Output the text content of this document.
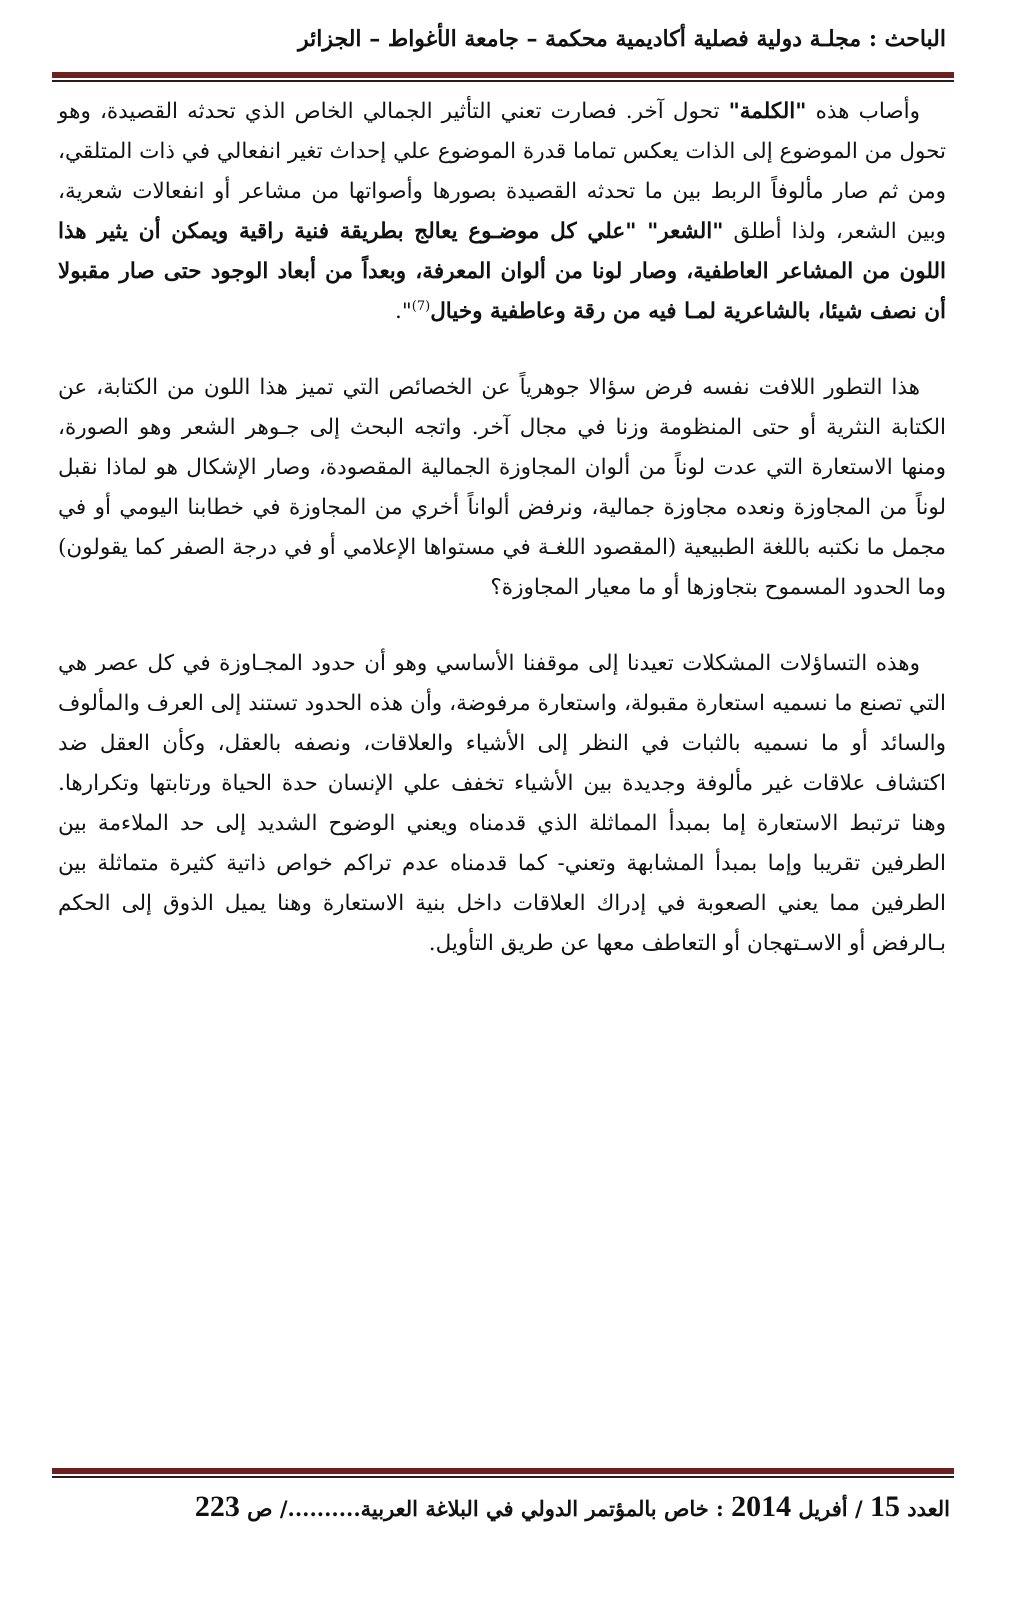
الباحث : مجلـة دولية فصلية أكاديمية محكمة – جامعة الأغواط – الجزائر

وأصاب هذه "الكلمة" تحول آخر. فصارت تعني التأثير الجمالي الخاص الذي تحدثه القصيدة، وهو تحول من الموضوع إلى الذات يعكس تماما قدرة الموضوع علي إحداث تغير انفعالي في ذات المتلقي، ومن ثم صار مألوفاً الربط بين ما تحدثه القصيدة بصورها وأصواتها من مشاعر أو انفعالات شعرية، وبين الشعر، ولذا أطلق "الشعر" "علي كل موضـوع يعالج بطريقة فنية راقية ويمكن أن يثير هذا اللون من المشاعر العاطفية، وصار لونا من ألوان المعرفة، وبعداً من أبعاد الوجود حتى صار مقبولا أن نصف شيئا، بالشاعرية لمـا فيه من رقة وعاطفية وخيال$^{(7)}$".

هذا التطور اللافت نفسه فرض سؤالا جوهرياً عن الخصائص التي تميز هذا اللون من الكتابة، عن الكتابة النثرية أو حتى المنظومة وزنا في مجال آخر. واتجه البحث إلى جـوهر الشعر وهو الصورة، ومنها الاستعارة التي عدت لوناً من ألوان المجاوزة الجمالية المقصودة، وصار الإشكال هو لماذا نقبل لوناً من المجاوزة ونعده مجاوزة جمالية، ونرفض ألواناً أخري من المجاوزة في خطابنا اليومي أو في مجمل ما نكتبه باللغة الطبيعية (المقصود اللغـة في مستواها الإعلامي أو في درجة الصفر كما يقولون) وما الحدود المسموح بتجاوزها أو ما معيار المجاوزة؟

وهذه التساؤلات المشكلات تعيدنا إلى موقفنا الأساسي وهو أن حدود المجـاوزة في كل عصر هي التي تصنع ما نسميه استعارة مقبولة، واستعارة مرفوضة، وأن هذه الحدود تستند إلى العرف والمألوف والسائد أو ما نسميه بالثبات في النظر إلى الأشياء والعلاقات، ونصفه بالعقل، وكأن العقل ضد اكتشاف علاقات غير مألوفة وجديدة بين الأشياء تخفف علي الإنسان حدة الحياة ورتابتها وتكرارها. وهنا ترتبط الاستعارة إما بمبدأ المماثلة الذي قدمناه ويعني الوضوح الشديد إلى حد الملاءمة بين الطرفين تقريبا وإما بمبدأ المشابهة وتعني- كما قدمناه عدم تراكم خواص ذاتية كثيرة متماثلة بين الطرفين مما يعني الصعوبة في إدراك العلاقات داخل بنية الاستعارة وهنا يميل الذوق إلى الحكم بـالرفض أو الاسـتهجان أو التعاطف معها عن طريق التأويل.

العدد 15 / أفريل 2014 : خاص بالمؤتمر الدولي في البلاغة العربية........../ ص 223
